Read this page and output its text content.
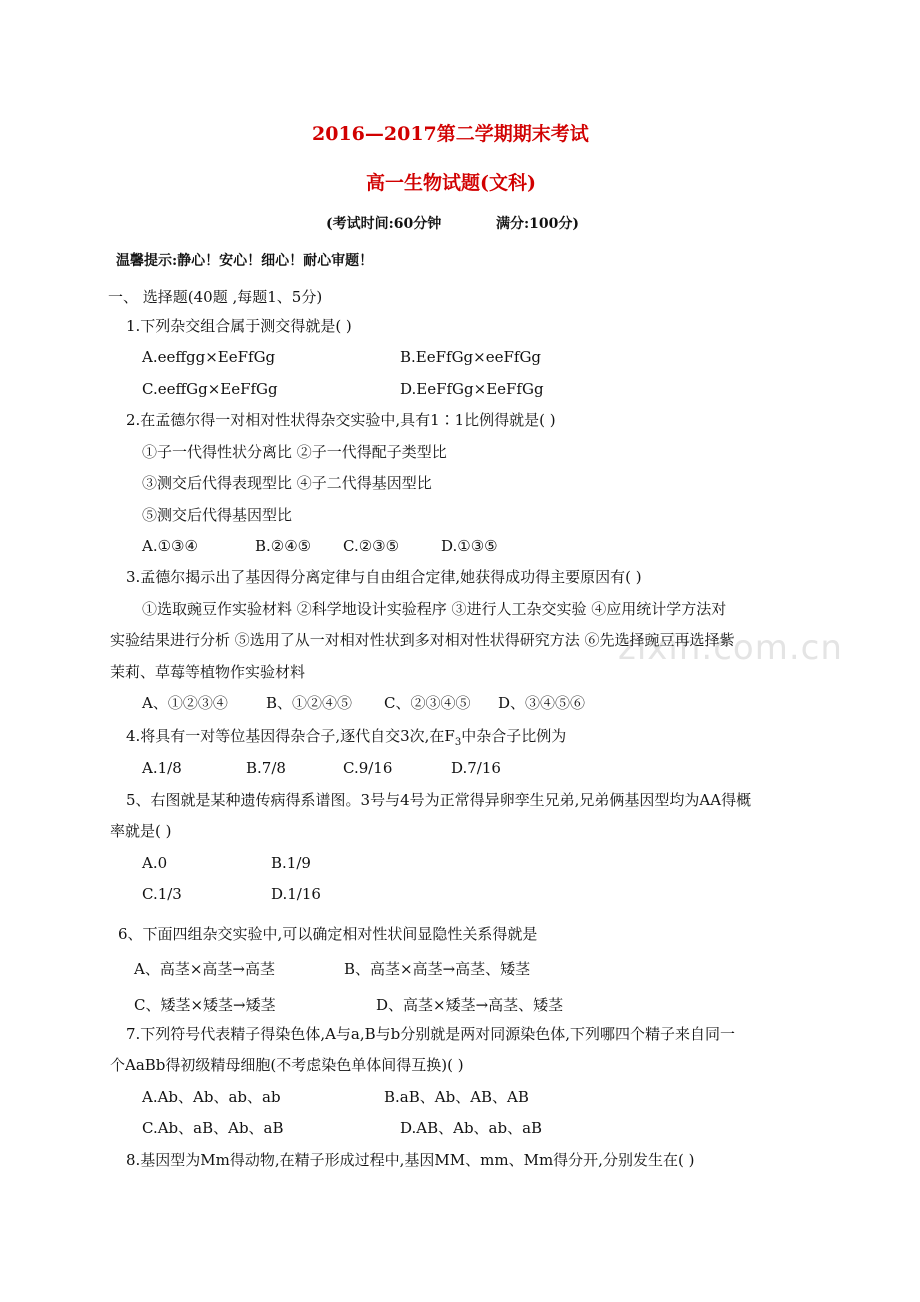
zixin.com.cn
2016—2017第二学期期末考试
高一生物试题(文科)
(考试时间:60分钟	满分:100分)
温馨提示:静心！安心！细心！耐心审题！
一、 选择题(40题 ,每题1、5分)
1.下列杂交组合属于测交得就是( )
A.eeffgg×EeFfGg	B.EeFfGg×eeFfGg
C.eeffGg×EeFfGg	D.EeFfGg×EeFfGg
2.在孟德尔得一对相对性状得杂交实验中,具有1∶1比例得就是( )
①子一代得性状分离比 ②子一代得配子类型比
③测交后代得表现型比 ④子二代得基因型比
⑤测交后代得基因型比
A.①③④	B.②④⑤ C.②③⑤	D.①③⑤
3.孟德尔揭示出了基因得分离定律与自由组合定律,她获得成功得主要原因有( )
①选取豌豆作实验材料 ②科学地设计实验程序 ③进行人工杂交实验 ④应用统计学方法对
实验结果进行分析 ⑤选用了从一对相对性状到多对相对性状得研究方法 ⑥先选择豌豆再选择紫
茉莉、草莓等植物作实验材料
A、①②③④	B、①②④⑤ C、②③④⑤ D、③④⑤⑥
4.将具有一对等位基因得杂合子,逐代自交3次,在$F_3$中杂合子比例为
A.1/8	B.7/8	C.9/16	D.7/16
5、右图就是某种遗传病得系谱图。3号与4号为正常得异卵孪生兄弟,兄弟俩基因型均为AA得概
率就是( )
A.0	B.1/9
C.1/3	D.1/16
6、下面四组杂交实验中,可以确定相对性状间显隐性关系得就是
A、高茎×高茎→高茎	B、高茎×高茎→高茎、矮茎
C、矮茎×矮茎→矮茎	D、高茎×矮茎→高茎、矮茎
7.下列符号代表精子得染色体,A与a,B与b分别就是两对同源染色体,下列哪四个精子来自同一
个AaBb得初级精母细胞(不考虑染色单体间得互换)( )
A.Ab、Ab、ab、ab	B.aB、Ab、AB、AB
C.Ab、aB、Ab、aB	D.AB、Ab、ab、aB
8.基因型为Mm得动物,在精子形成过程中,基因MM、mm、Mm得分开,分别发生在( )
